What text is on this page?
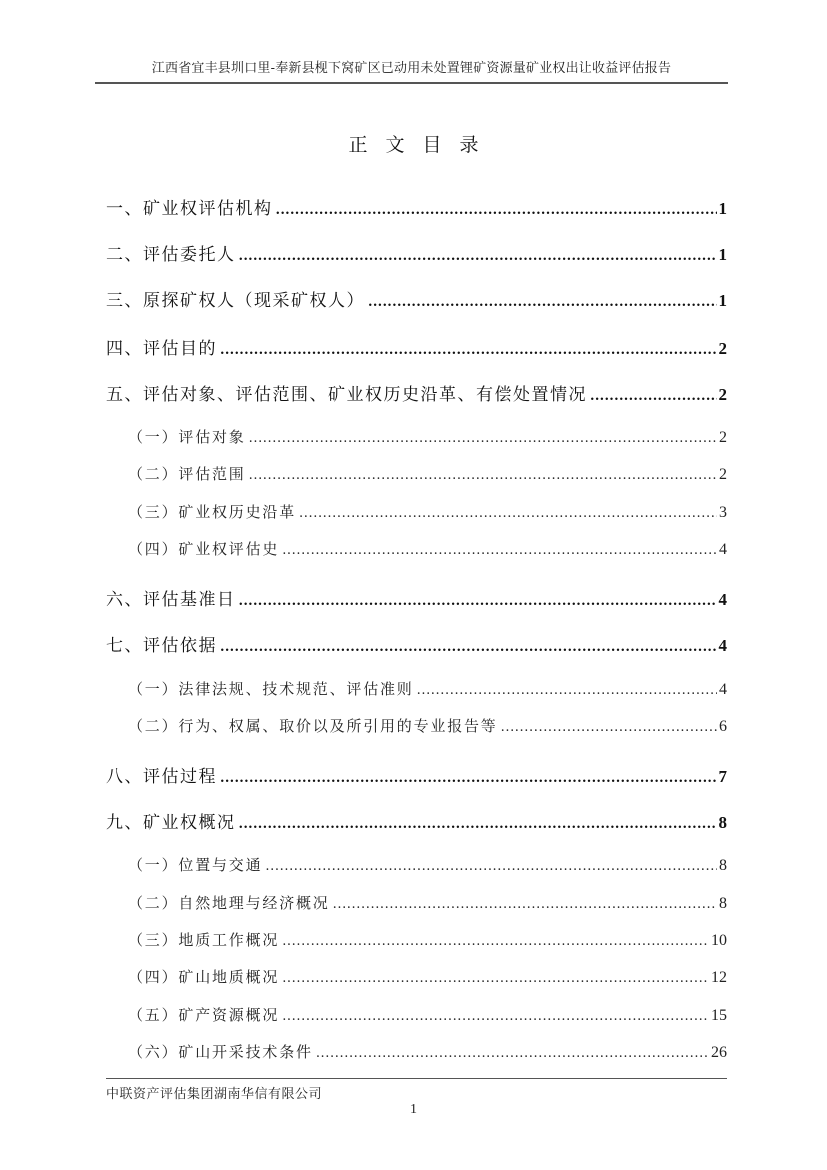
江西省宜丰县圳口里-奉新县枧下窝矿区已动用未处置锂矿资源量矿业权出让收益评估报告
正文目录
一、矿业权评估机构 .....	1
二、评估委托人 .....	1
三、原探矿权人（现采矿权人） .....	1
四、评估目的 .....	2
五、评估对象、评估范围、矿业权历史沿革、有偿处置情况 .....	2
（一）评估对象 .....	2
（二）评估范围 .....	2
（三）矿业权历史沿革 .....	3
（四）矿业权评估史 .....	4
六、评估基准日 .....	4
七、评估依据 .....	4
（一）法律法规、技术规范、评估准则 .....	4
（二）行为、权属、取价以及所引用的专业报告等 .....	6
八、评估过程 .....	7
九、矿业权概况 .....	8
（一）位置与交通 .....	8
（二）自然地理与经济概况 .....	8
（三）地质工作概况 .....	10
（四）矿山地质概况 .....	12
（五）矿产资源概况 .....	15
（六）矿山开采技术条件 .....	26
中联资产评估集团湖南华信有限公司
1
